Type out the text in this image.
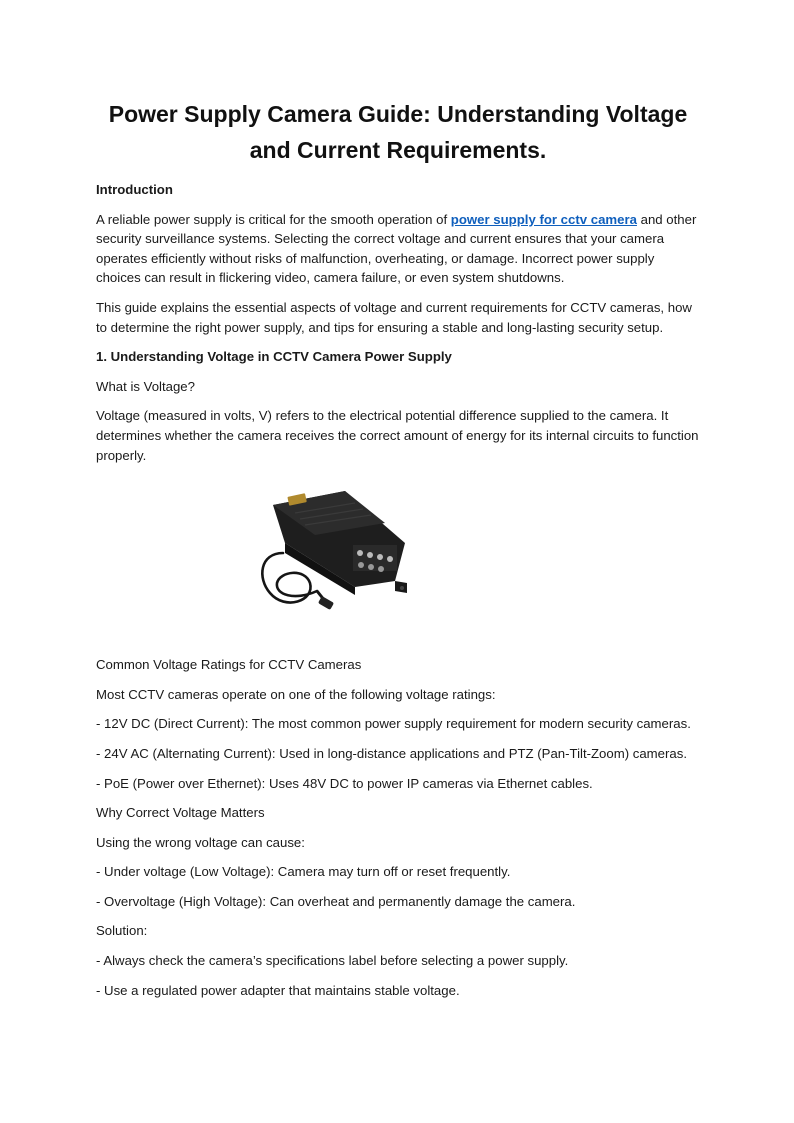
Power Supply Camera Guide: Understanding Voltage and Current Requirements.

Introduction

A reliable power supply is critical for the smooth operation of power supply for cctv camera and other security surveillance systems. Selecting the correct voltage and current ensures that your camera operates efficiently without risks of malfunction, overheating, or damage. Incorrect power supply choices can result in flickering video, camera failure, or even system shutdowns.

This guide explains the essential aspects of voltage and current requirements for CCTV cameras, how to determine the right power supply, and tips for ensuring a stable and long-lasting security setup.

1. Understanding Voltage in CCTV Camera Power Supply

What is Voltage?

Voltage (measured in volts, V) refers to the electrical potential difference supplied to the camera. It determines whether the camera receives the correct amount of energy for its internal circuits to function properly.

Common Voltage Ratings for CCTV Cameras

Most CCTV cameras operate on one of the following voltage ratings:

- 12V DC (Direct Current): The most common power supply requirement for modern security cameras.

- 24V AC (Alternating Current): Used in long-distance applications and PTZ (Pan-Tilt-Zoom) cameras.

- PoE (Power over Ethernet): Uses 48V DC to power IP cameras via Ethernet cables.

Why Correct Voltage Matters

Using the wrong voltage can cause:

- Under voltage (Low Voltage): Camera may turn off or reset frequently.

- Overvoltage (High Voltage): Can overheat and permanently damage the camera.

Solution:

- Always check the camera’s specifications label before selecting a power supply.

- Use a regulated power adapter that maintains stable voltage.
